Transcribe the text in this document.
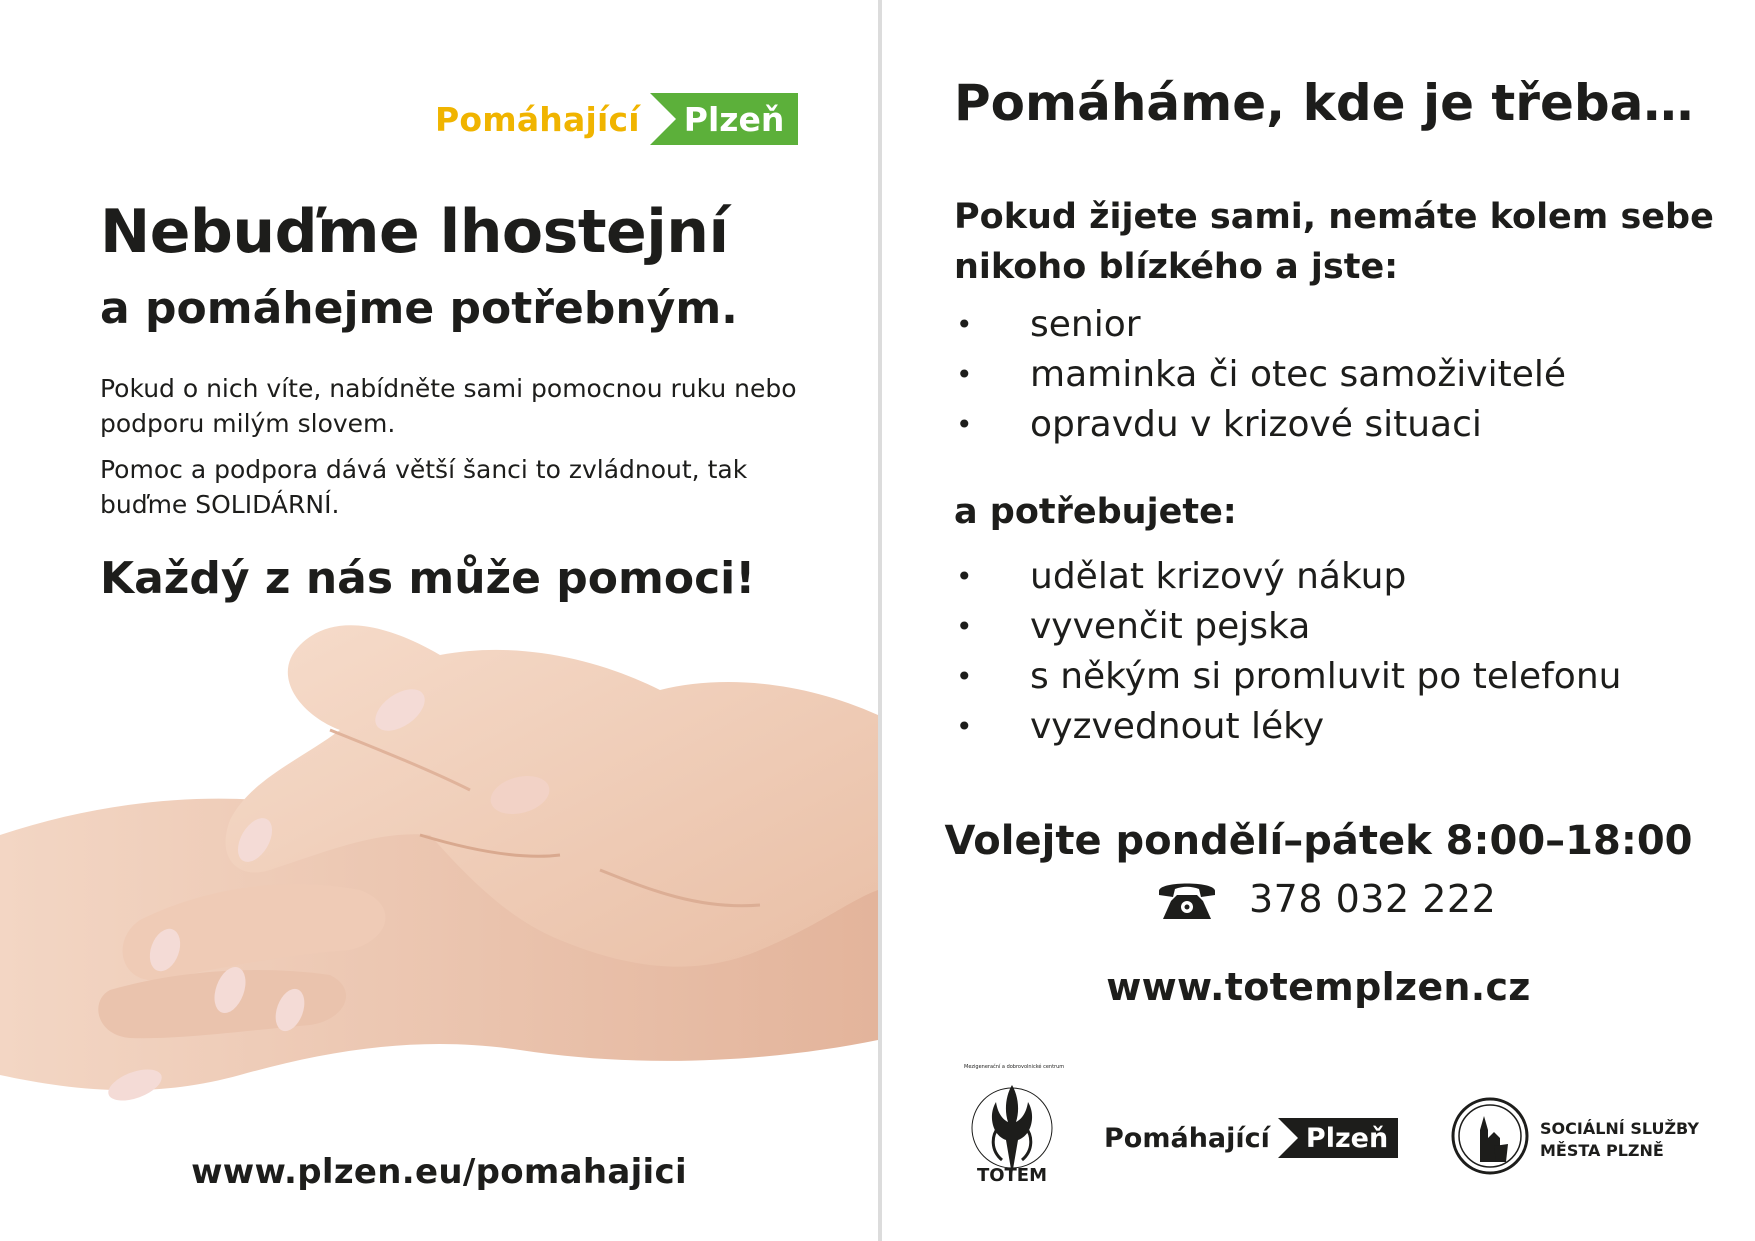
Pomáhající	Plzeň
Nebuďme lhostejní
a pomáhejme potřebným.
Pokud o nich víte, nabídněte sami pomocnou ruku nebo podporu milým slovem.
Pomoc a podpora dává větší šanci to zvládnout, tak buďme SOLIDÁRNÍ.
Každý z nás může pomoci!
www.plzen.eu/pomahajici
Pomáháme, kde je třeba…
Pokud žijete sami, nemáte kolem sebe nikoho blízkého a jste:
• senior
• maminka či otec samoživitelé
• opravdu v krizové situaci
a potřebujete:
• udělat krizový nákup
• vyvenčit pejska
• s někým si promluvit po telefonu
• vyzvednout léky
Volejte pondělí–pátek 8:00–18:00
378 032 222
www.totemplzen.cz
TOTEM
Mezigenerační a dobrovolnické centrum
Pomáhající	Plzeň	SOCIÁLNÍ SLUŽBY
MĚSTA PLZNĚ
